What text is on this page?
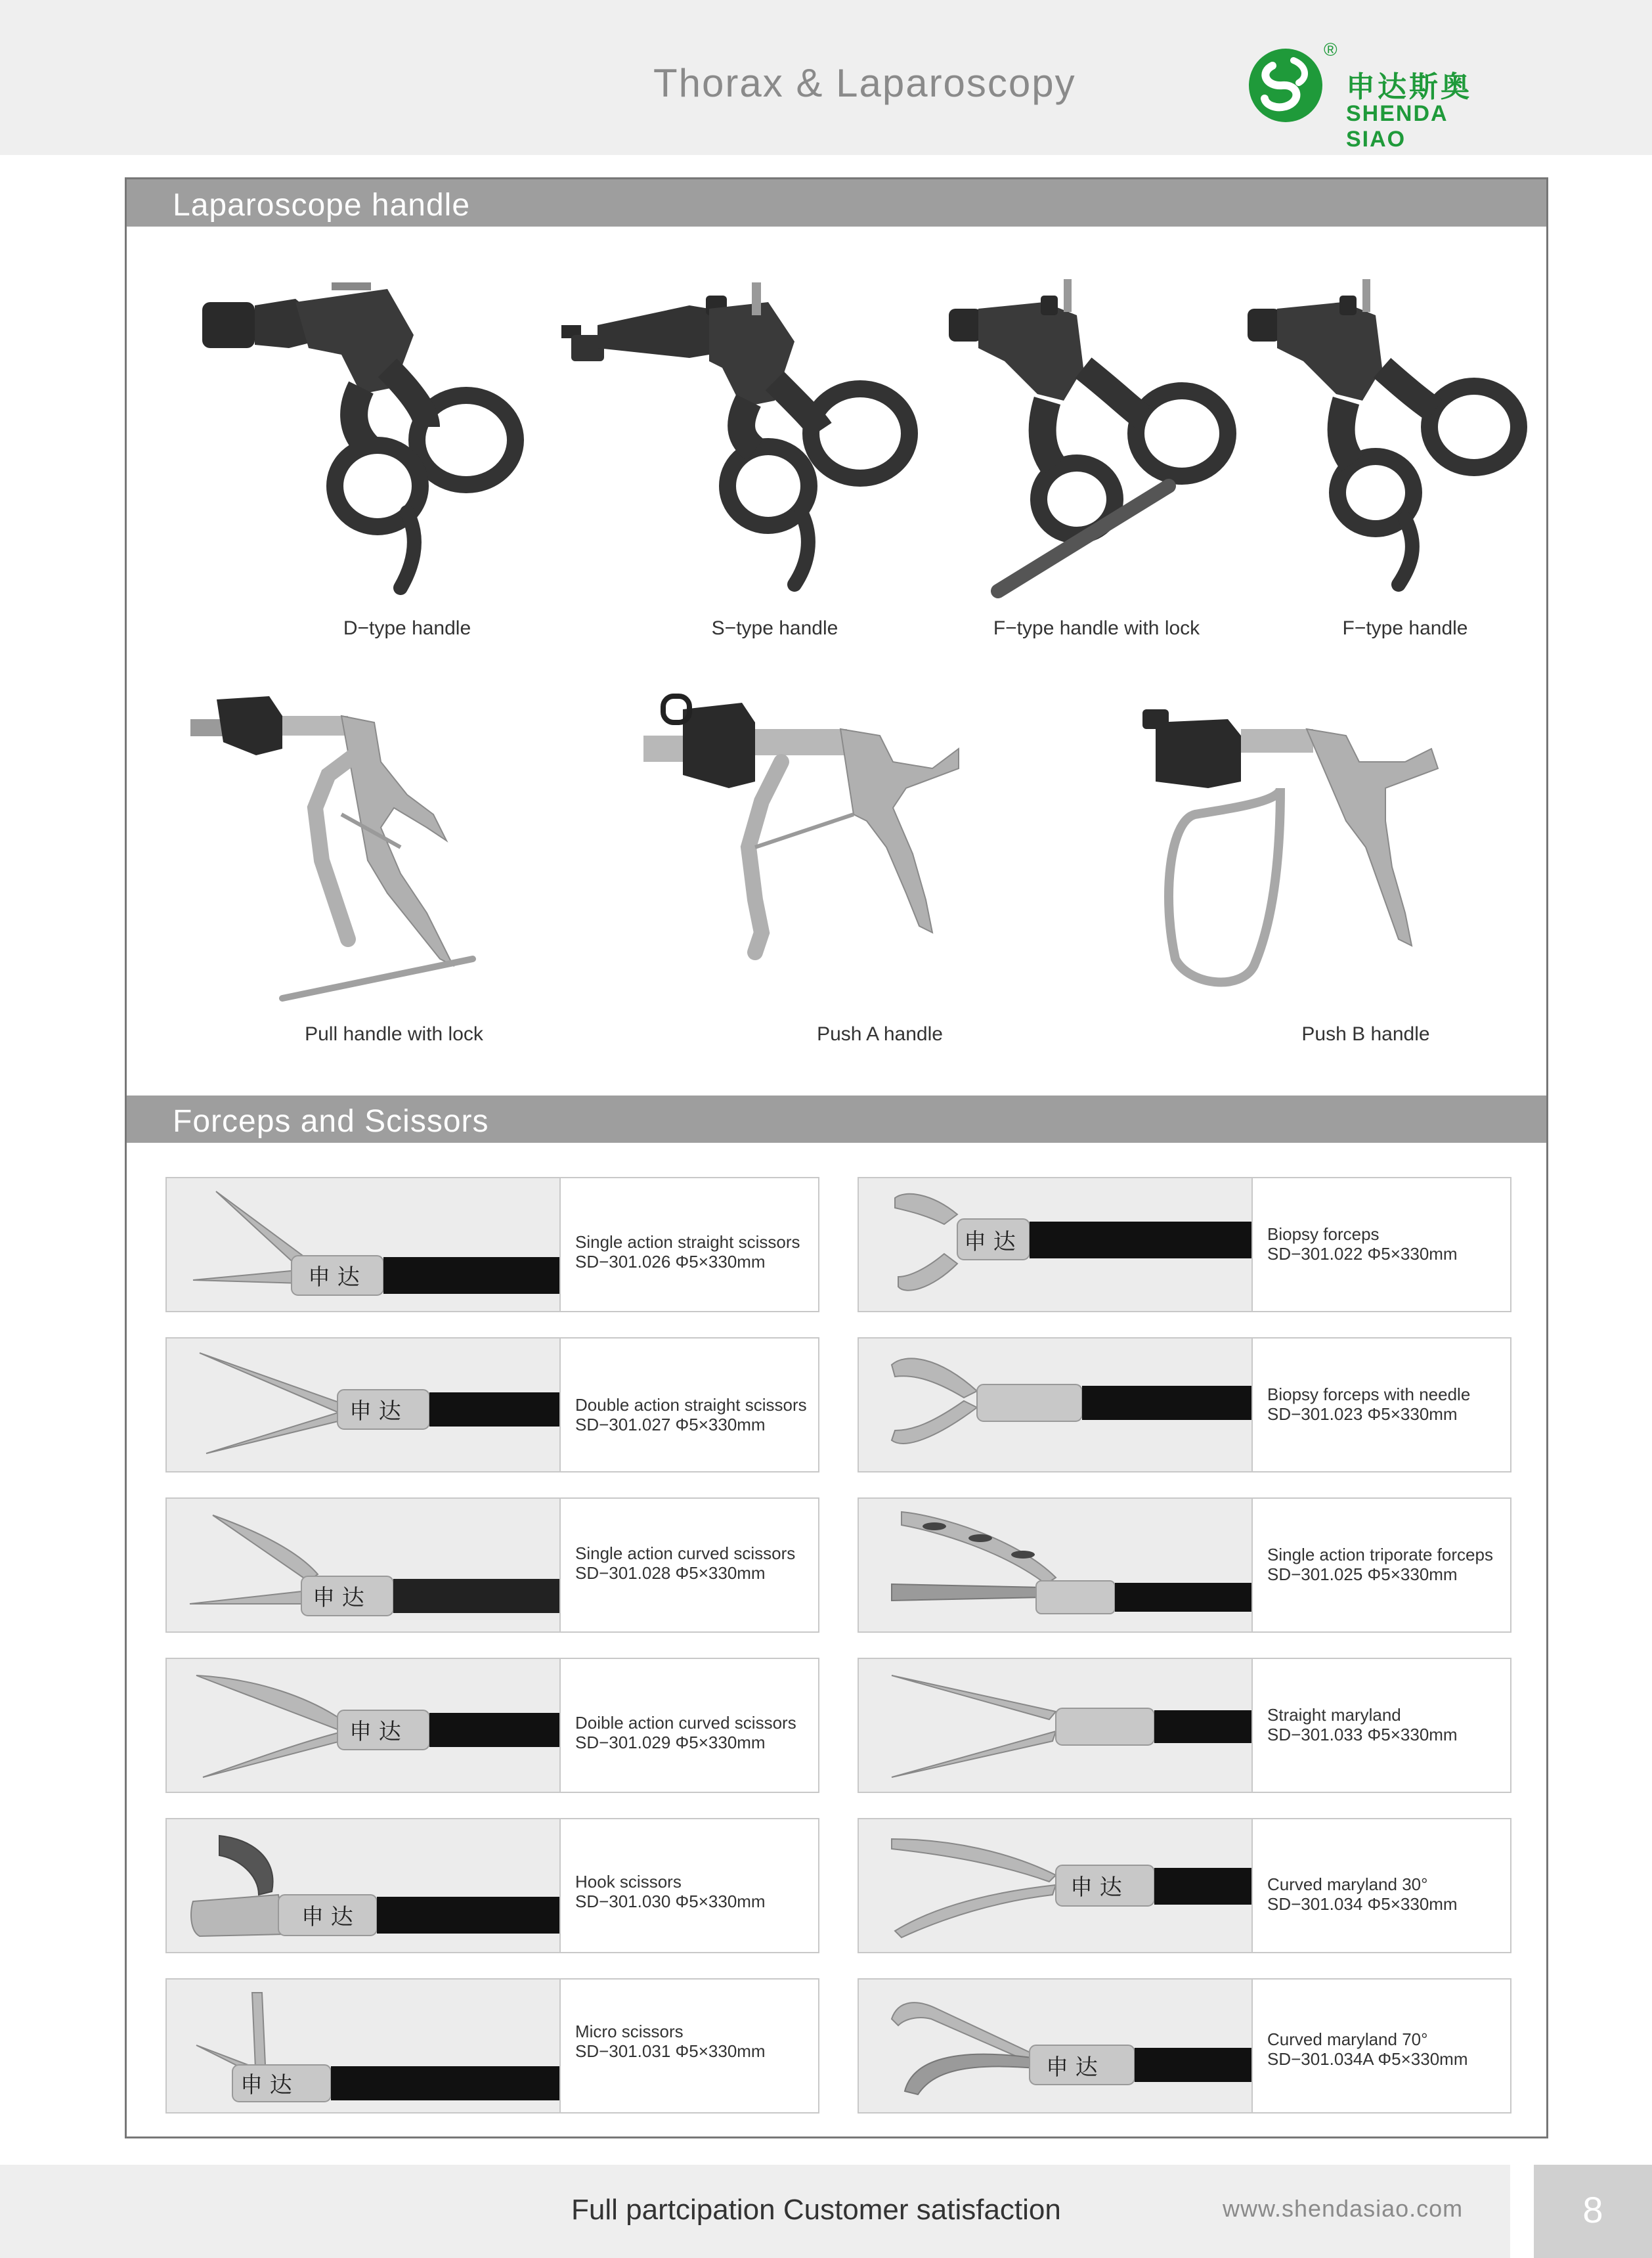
Thorax & Laparoscopy
®
申达斯奥
SHENDA SIAO
Laparoscope handle
D−type handle	S−type handle	F−type handle with lock	F−type handle
Pull handle with lock	Push A handle	Push B handle
Forceps and Scissors
申 达
Single action straight scissors
SD−301.026 Φ5×330mm
申 达	Double action straight scissors
SD−301.027 Φ5×330mm
申 达
Single action curved scissors
SD−301.028 Φ5×330mm
申 达	Doible action curved scissors
SD−301.029 Φ5×330mm
申 达
Hook scissors
SD−301.030 Φ5×330mm
申 达
Micro scissors
SD−301.031 Φ5×330mm
申 达	Biopsy forceps
SD−301.022 Φ5×330mm
Biopsy forceps with needle
SD−301.023 Φ5×330mm
Single action triporate forceps
SD−301.025 Φ5×330mm
Straight maryland
SD−301.033 Φ5×330mm
申 达	Curved maryland 30°
SD−301.034 Φ5×330mm
申 达
Curved maryland 70°
SD−301.034A Φ5×330mm
8
Full partcipation Customer satisfaction	www.shendasiao.com
